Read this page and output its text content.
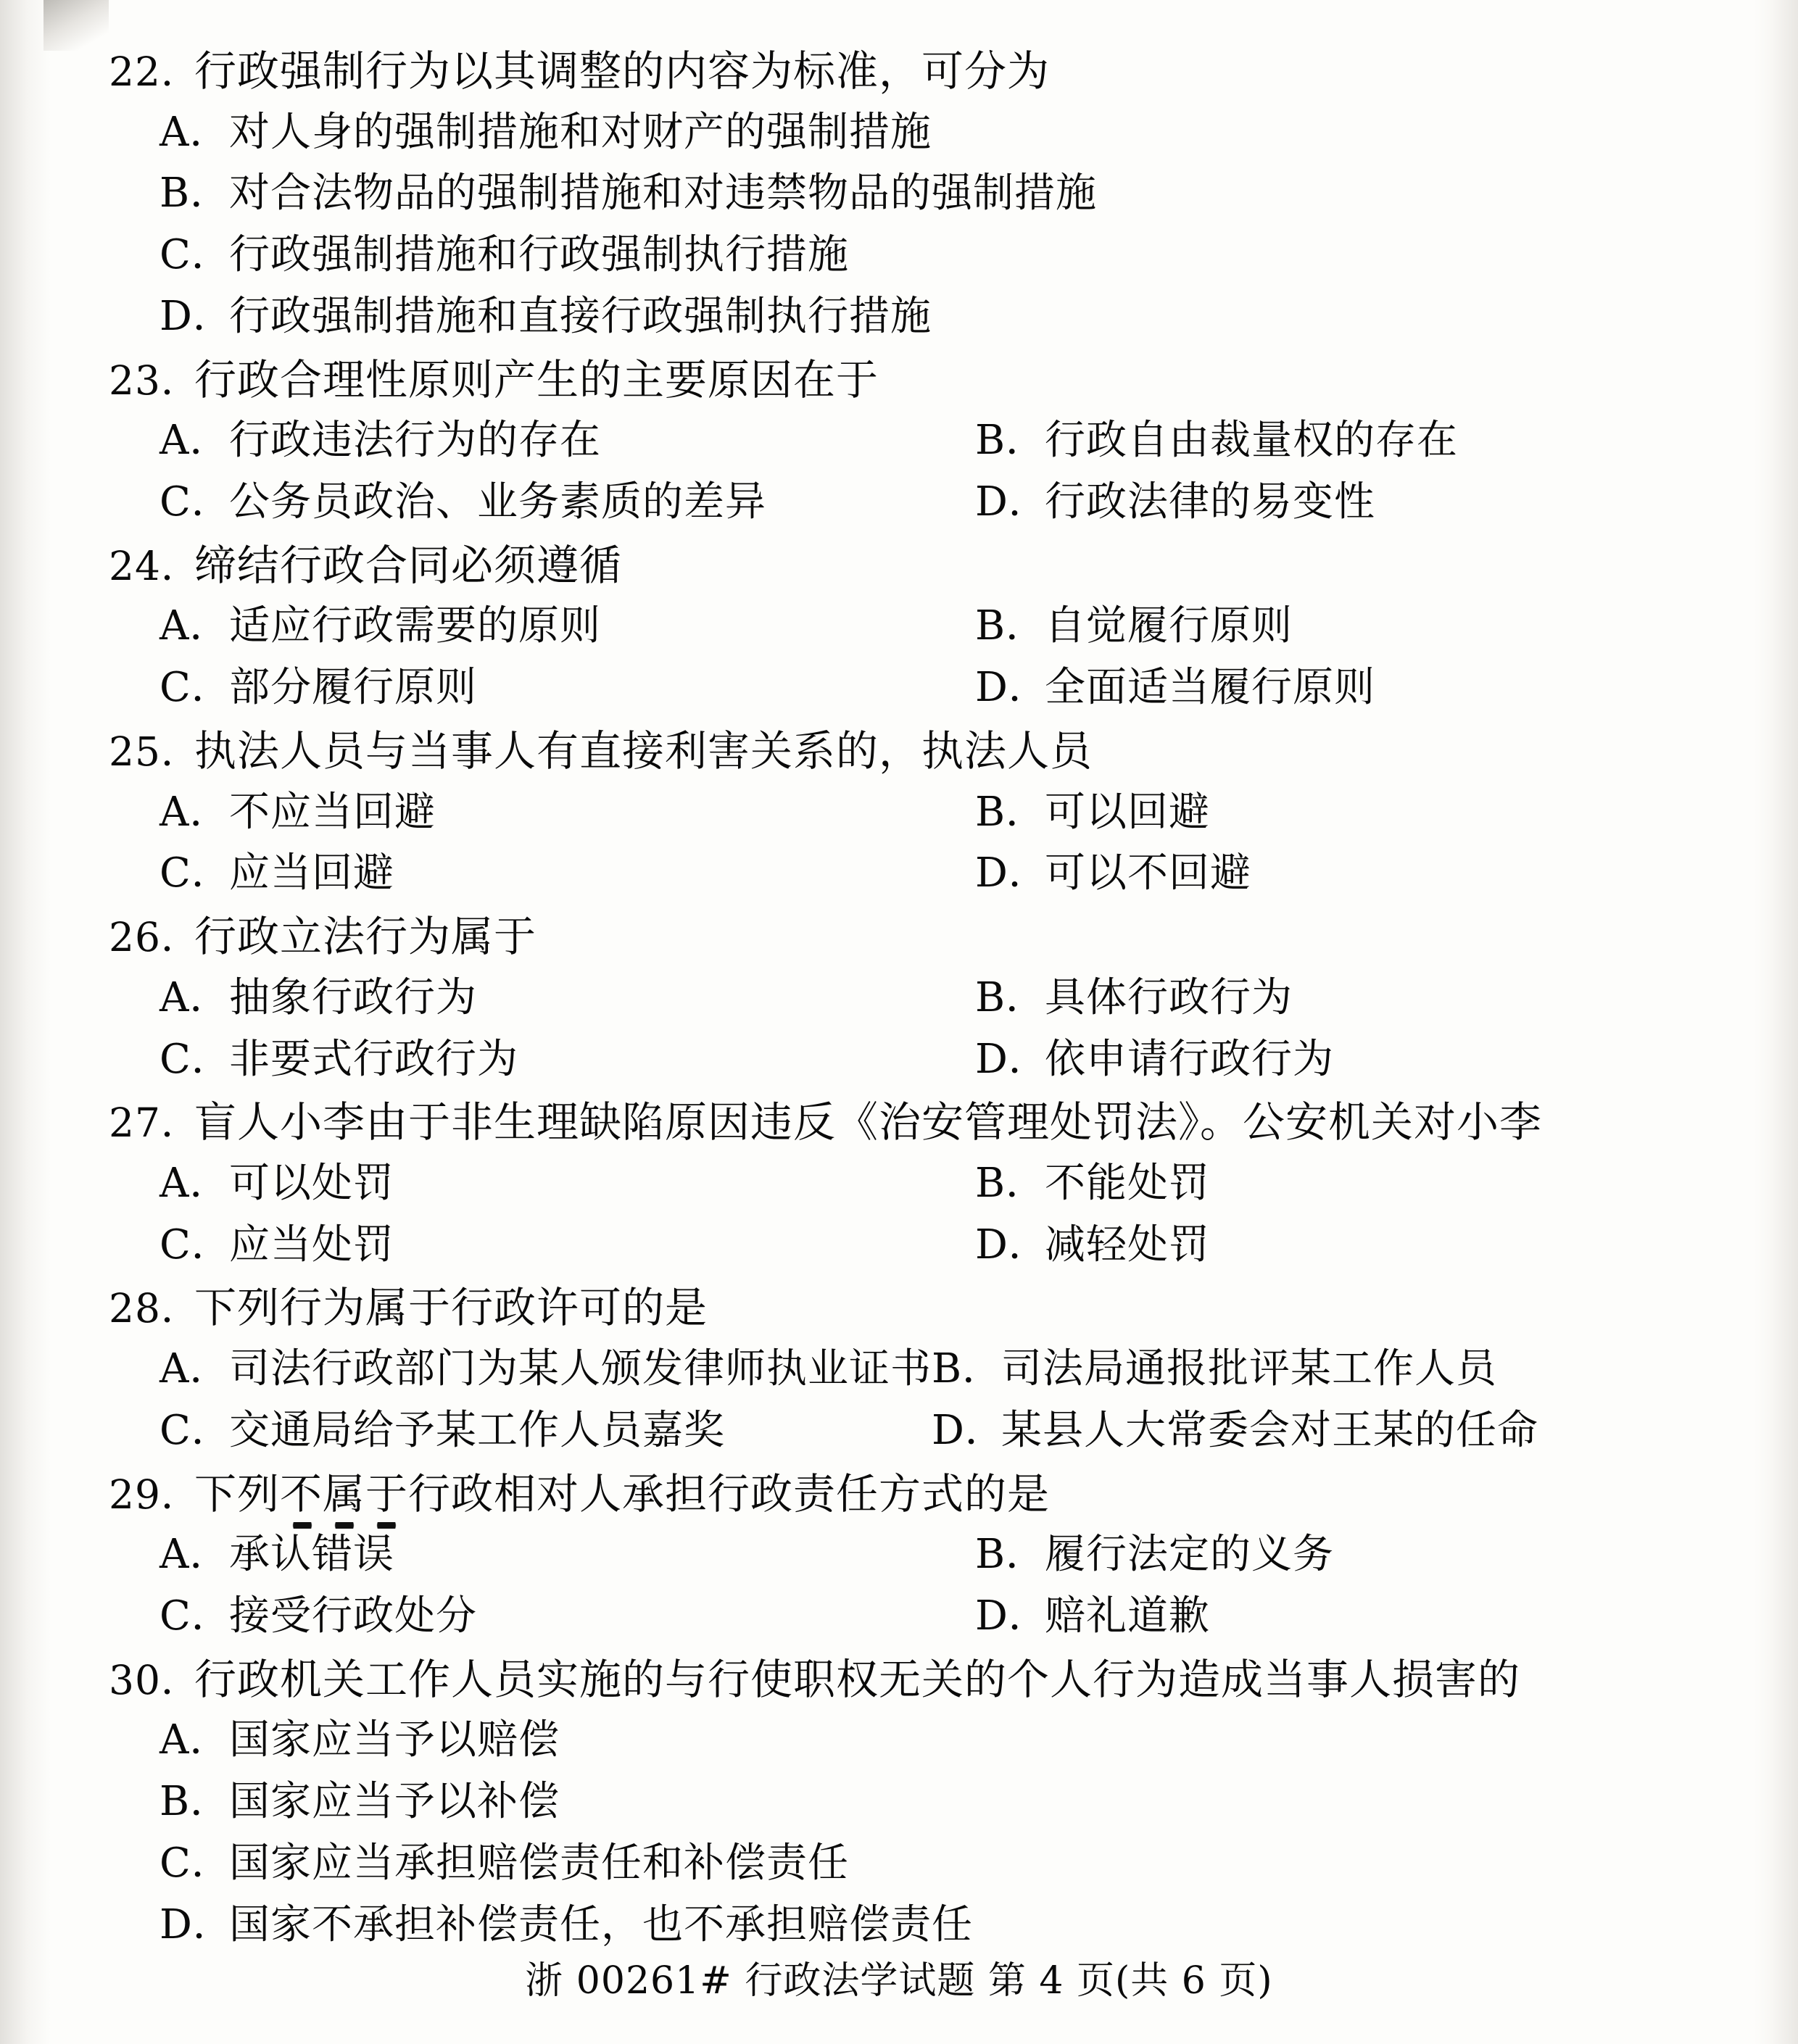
22．
行政强制行为以其调整的内容为标准，可分为
A．
对人身的强制措施和对财产的强制措施
B．
对合法物品的强制措施和对违禁物品的强制措施
C．
行政强制措施和行政强制执行措施
D．
行政强制措施和直接行政强制执行措施
23．
行政合理性原则产生的主要原因在于
A．
行政违法行为的存在	B．
行政自由裁量权的存在
C．
公务员政治、业务素质的差异	D．
行政法律的易变性
24．
缔结行政合同必须遵循
A．
适应行政需要的原则	B．
自觉履行原则
C．
部分履行原则	D．
全面适当履行原则
25．
执法人员与当事人有直接利害关系的，执法人员
A．
不应当回避	B．
可以回避
C．
应当回避	D．
可以不回避
26．
行政立法行为属于
A．
抽象行政行为	B．
具体行政行为
C．
非要式行政行为	D．
依申请行政行为
27．
盲人小李由于非生理缺陷原因违反《治安管理处罚法》。公安机关对小李
A．
可以处罚	B．
不能处罚
C．
应当处罚	D．
减轻处罚
28．
下列行为属于行政许可的是
A．
司法行政部门为某人颁发律师执业证书 B．
司法局通报批评某工作人员
C．
交通局给予某工作人员嘉奖	D．
某县人大常委会对王某的任命
29．
下列不属于行政相对人承担行政责任方式的是
A．
承认错误	B．
履行法定的义务
C．
接受行政处分	D．
赔礼道歉
30．
行政机关工作人员实施的与行使职权无关的个人行为造成当事人损害的
A．
国家应当予以赔偿
B．
国家应当予以补偿
C．
国家应当承担赔偿责任和补偿责任
D．
国家不承担补偿责任，也不承担赔偿责任
浙 00261# 行政法学试题 第 4 页(共 6 页)
